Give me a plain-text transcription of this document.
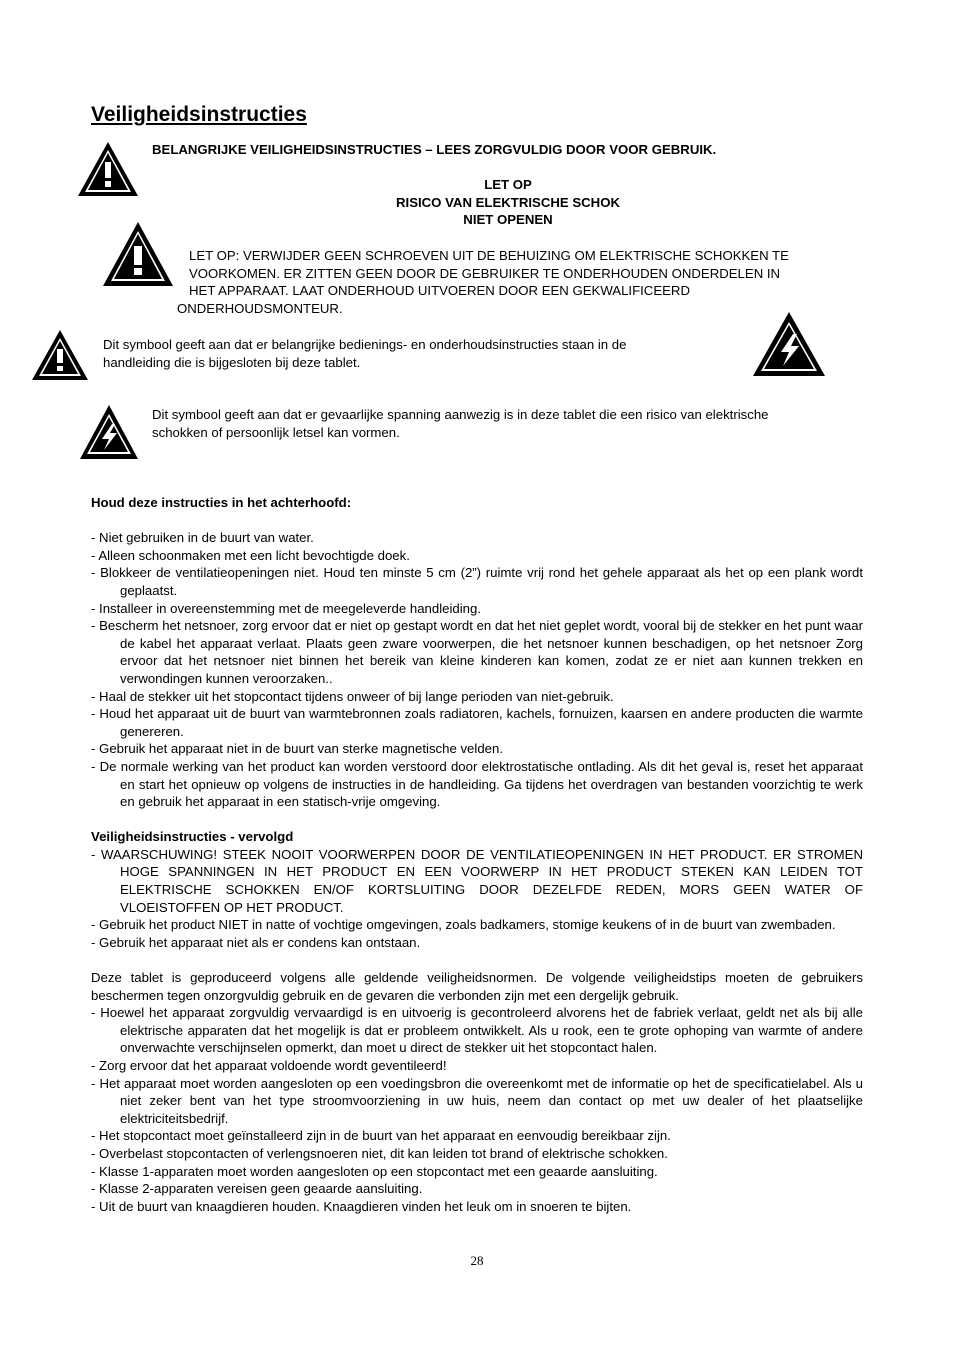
Veiligheidsinstructies
BELANGRIJKE VEILIGHEIDSINSTRUCTIES – LEES ZORGVULDIG DOOR VOOR GEBRUIK.
LET OP
RISICO VAN ELEKTRISCHE SCHOK
NIET OPENEN
LET OP: VERWIJDER GEEN SCHROEVEN UIT DE BEHUIZING OM ELEKTRISCHE SCHOKKEN TE
VOORKOMEN. ER ZITTEN GEEN DOOR DE GEBRUIKER TE ONDERHOUDEN ONDERDELEN IN
HET APPARAAT. LAAT ONDERHOUD UITVOEREN DOOR EEN GEKWALIFICEERD
ONDERHOUDSMONTEUR.
Dit symbool geeft aan dat er belangrijke bedienings- en onderhoudsinstructies staan in de
handleiding die is bijgesloten bij deze tablet.
Dit symbool geeft aan dat er gevaarlijke spanning aanwezig is in deze tablet die een risico van elektrische
schokken of persoonlijk letsel kan vormen.
Houd deze instructies in het achterhoofd:
- Niet gebruiken in de buurt van water.
- Alleen schoonmaken met een licht bevochtigde doek.
- Blokkeer de ventilatieopeningen niet. Houd ten minste 5 cm (2”) ruimte vrij rond het gehele apparaat als het op een plank wordt geplaatst.
- Installeer in overeenstemming met de meegeleverde handleiding.
- Bescherm het netsnoer, zorg ervoor dat er niet op gestapt wordt en dat het niet geplet wordt, vooral bij de stekker en het punt waar de kabel het apparaat verlaat. Plaats geen zware voorwerpen, die het netsnoer kunnen beschadigen, op het netsnoer Zorg ervoor dat het netsnoer niet binnen het bereik van kleine kinderen kan komen, zodat ze er niet aan kunnen trekken en verwondingen kunnen veroorzaken..
- Haal de stekker uit het stopcontact tijdens onweer of bij lange perioden van niet-gebruik.
- Houd het apparaat uit de buurt van warmtebronnen zoals radiatoren, kachels, fornuizen, kaarsen en andere producten die warmte genereren.
- Gebruik het apparaat niet in de buurt van sterke magnetische velden.
- De normale werking van het product kan worden verstoord door elektrostatische ontlading. Als dit het geval is, reset het apparaat en start het opnieuw op volgens de instructies in de handleiding. Ga tijdens het overdragen van bestanden voorzichtig te werk en gebruik het apparaat in een statisch-vrije omgeving.
Veiligheidsinstructies - vervolgd
- WAARSCHUWING! STEEK NOOIT VOORWERPEN DOOR DE VENTILATIEOPENINGEN IN HET PRODUCT. ER STROMEN HOGE SPANNINGEN IN HET PRODUCT EN EEN VOORWERP IN HET PRODUCT STEKEN KAN LEIDEN TOT ELEKTRISCHE SCHOKKEN EN/OF KORTSLUITING DOOR DEZELFDE REDEN, MORS GEEN WATER OF VLOEISTOFFEN OP HET PRODUCT.
- Gebruik het product NIET in natte of vochtige omgevingen, zoals badkamers, stomige keukens of in de buurt van zwembaden.
- Gebruik het apparaat niet als er condens kan ontstaan.
Deze tablet is geproduceerd volgens alle geldende veiligheidsnormen. De volgende veiligheidstips moeten de gebruikers beschermen tegen onzorgvuldig gebruik en de gevaren die verbonden zijn met een dergelijk gebruik.
- Hoewel het apparaat zorgvuldig vervaardigd is en uitvoerig is gecontroleerd alvorens het de fabriek verlaat, geldt net als bij alle elektrische apparaten dat het mogelijk is dat er probleem ontwikkelt. Als u rook, een te grote ophoping van warmte of andere onverwachte verschijnselen opmerkt, dan moet u direct de stekker uit het stopcontact halen.
- Zorg ervoor dat het apparaat voldoende wordt geventileerd!
- Het apparaat moet worden aangesloten op een voedingsbron die overeenkomt met de informatie op het de specificatielabel. Als u niet zeker bent van het type stroomvoorziening in uw huis, neem dan contact op met uw dealer of het plaatselijke elektriciteitsbedrijf.
- Het stopcontact moet geïnstalleerd zijn in de buurt van het apparaat en eenvoudig bereikbaar zijn.
- Overbelast stopcontacten of verlengsnoeren niet, dit kan leiden tot brand of elektrische schokken.
- Klasse 1-apparaten moet worden aangesloten op een stopcontact met een geaarde aansluiting.
- Klasse 2-apparaten vereisen geen geaarde aansluiting.
- Uit de buurt van knaagdieren houden. Knaagdieren vinden het leuk om in snoeren te bijten.
28
